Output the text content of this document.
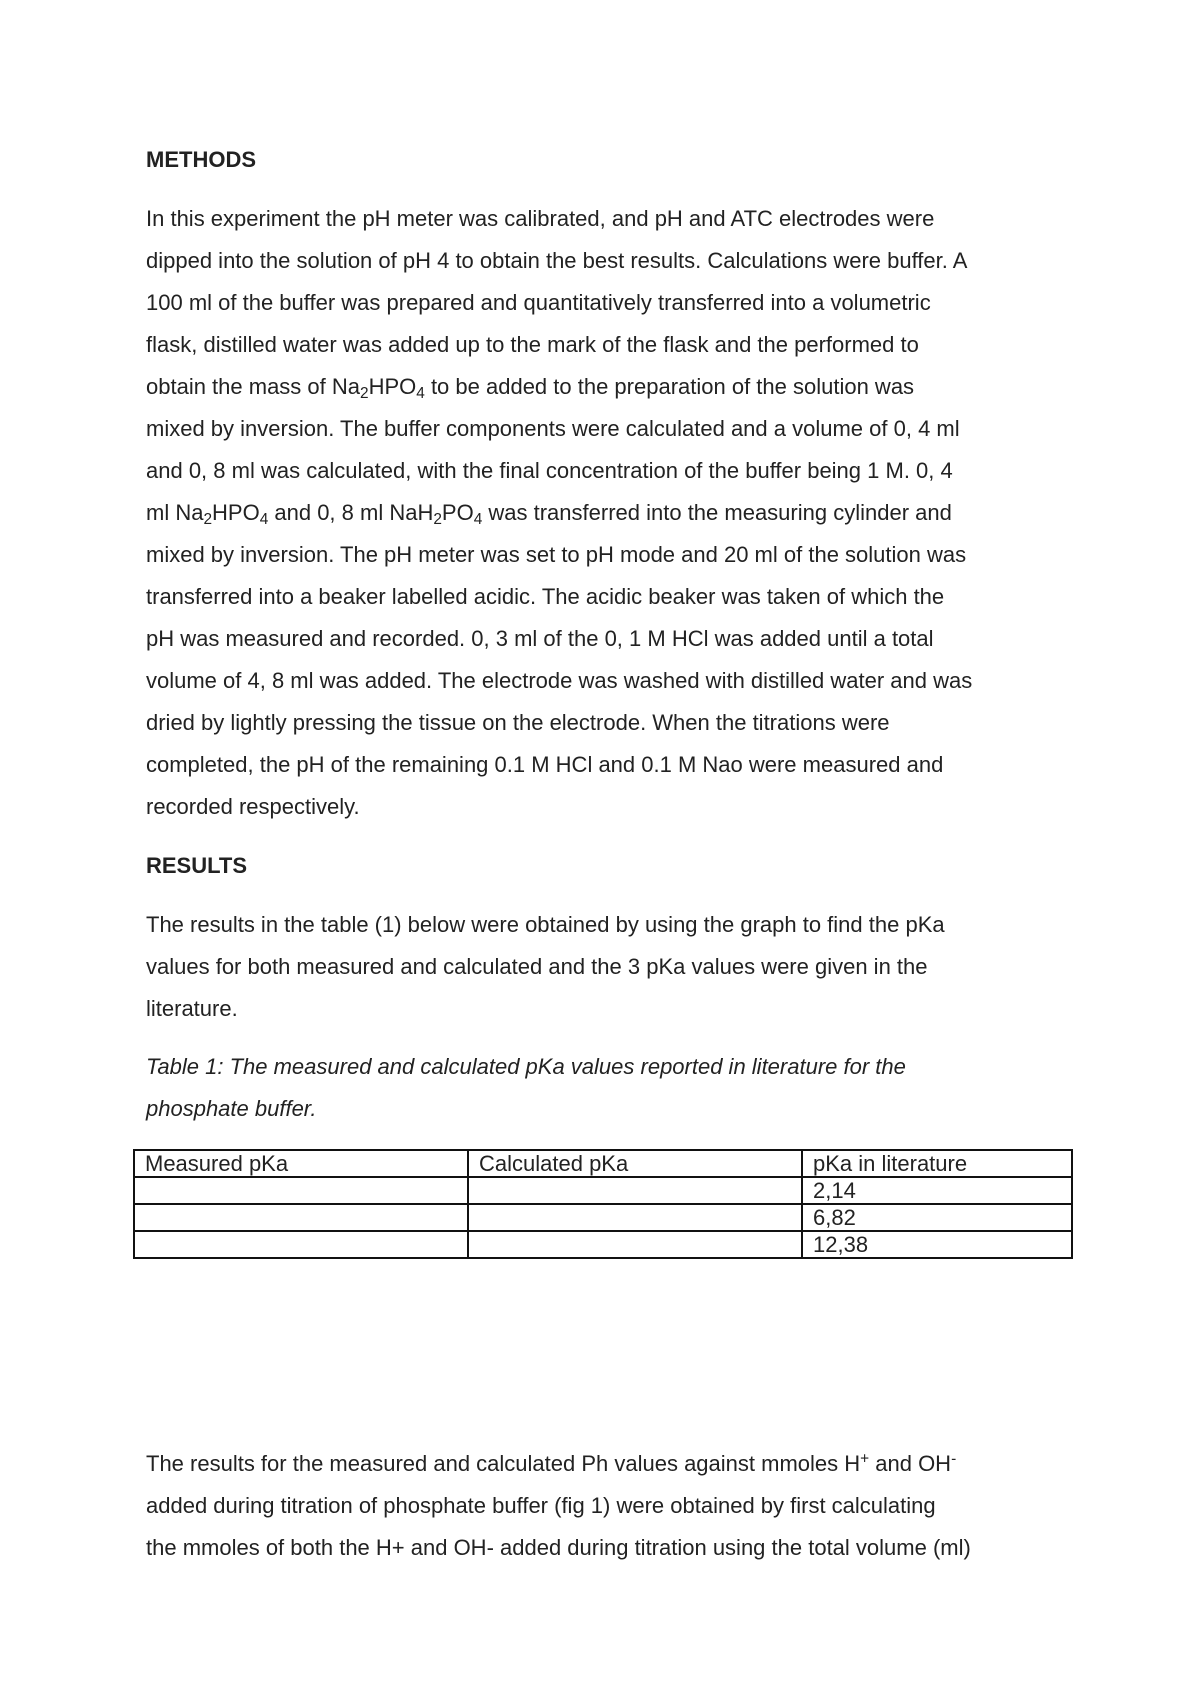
METHODS
In this experiment the pH meter was calibrated, and pH and ATC electrodes were
dipped into the solution of pH 4 to obtain the best results. Calculations were buffer. A
100 ml of the buffer was prepared and quantitatively transferred into a volumetric
flask, distilled water was added up to the mark of the flask and the performed to
obtain the mass of $Na_2HPO_4$ to be added to the preparation of the solution was
mixed by inversion. The buffer components were calculated and a volume of 0, 4 ml
and 0, 8 ml was calculated, with the final concentration of the buffer being 1 M. 0, 4
ml $Na_2HPO_4$ and 0, 8 ml $NaH_2PO_4$ was transferred into the measuring cylinder and
mixed by inversion. The pH meter was set to pH mode and 20 ml of the solution was
transferred into a beaker labelled acidic. The acidic beaker was taken of which the
pH was measured and recorded. 0, 3 ml of the 0, 1 M HCl was added until a total
volume of 4, 8 ml was added. The electrode was washed with distilled water and was
dried by lightly pressing the tissue on the electrode. When the titrations were
completed, the pH of the remaining 0.1 M HCl and 0.1 M Nao were measured and
recorded respectively.
RESULTS
The results in the table (1) below were obtained by using the graph to find the pKa
values for both measured and calculated and the 3 pKa values were given in the
literature.
Table 1: The measured and calculated pKa values reported in literature for the
phosphate buffer.
Measured pKa	Calculated pKa	pKa in literature
		2,14
		6,82
		12,38
The results for the measured and calculated Ph values against mmoles H+ and OH-
added during titration of phosphate buffer (fig 1) were obtained by first calculating
the mmoles of both the H+ and OH- added during titration using the total volume (ml)
